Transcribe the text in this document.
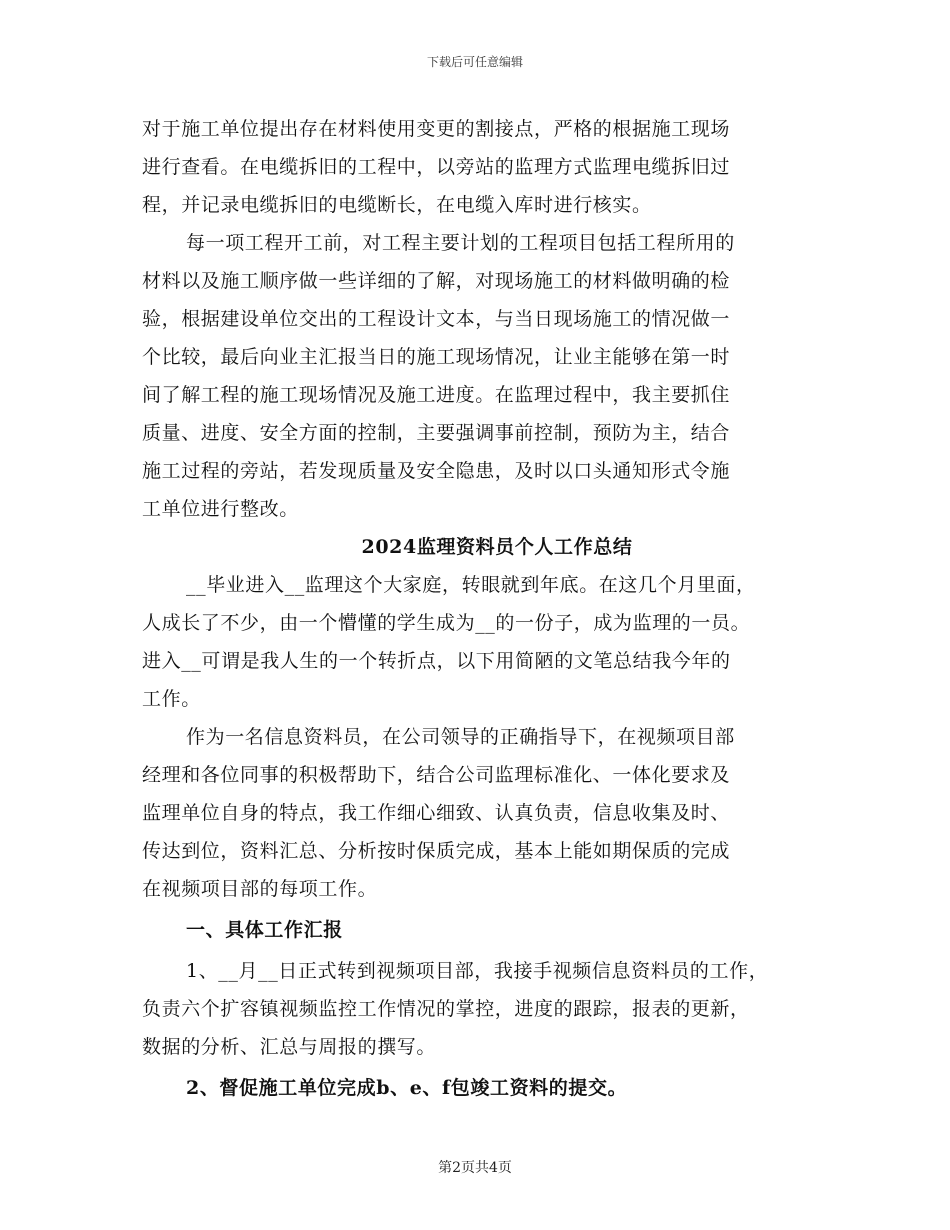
下载后可任意编辑
对于施工单位提出存在材料使用变更的割接点，严格的根据施工现场
进行查看。在电缆拆旧的工程中，以旁站的监理方式监理电缆拆旧过
程，并记录电缆拆旧的电缆断长，在电缆入库时进行核实。
每一项工程开工前，对工程主要计划的工程项目包括工程所用的
材料以及施工顺序做一些详细的了解，对现场施工的材料做明确的检
验，根据建设单位交出的工程设计文本，与当日现场施工的情况做一
个比较，最后向业主汇报当日的施工现场情况，让业主能够在第一时
间了解工程的施工现场情况及施工进度。在监理过程中，我主要抓住
质量、进度、安全方面的控制，主要强调事前控制，预防为主，结合
施工过程的旁站，若发现质量及安全隐患，及时以口头通知形式令施
工单位进行整改。
2024监理资料员个人工作总结
__毕业进入__监理这个大家庭，转眼就到年底。在这几个月里面，
人成长了不少，由一个懵懂的学生成为__的一份子，成为监理的一员。
进入__可谓是我人生的一个转折点，以下用简陋的文笔总结我今年的
工作。
作为一名信息资料员，在公司领导的正确指导下，在视频项目部
经理和各位同事的积极帮助下，结合公司监理标准化、一体化要求及
监理单位自身的特点，我工作细心细致、认真负责，信息收集及时、
传达到位，资料汇总、分析按时保质完成，基本上能如期保质的完成
在视频项目部的每项工作。
一、具体工作汇报
1、__月__日正式转到视频项目部，我接手视频信息资料员的工作，
负责六个扩容镇视频监控工作情况的掌控，进度的跟踪，报表的更新，
数据的分析、汇总与周报的撰写。
2、督促施工单位完成b、e、f包竣工资料的提交。
第2页共4页
